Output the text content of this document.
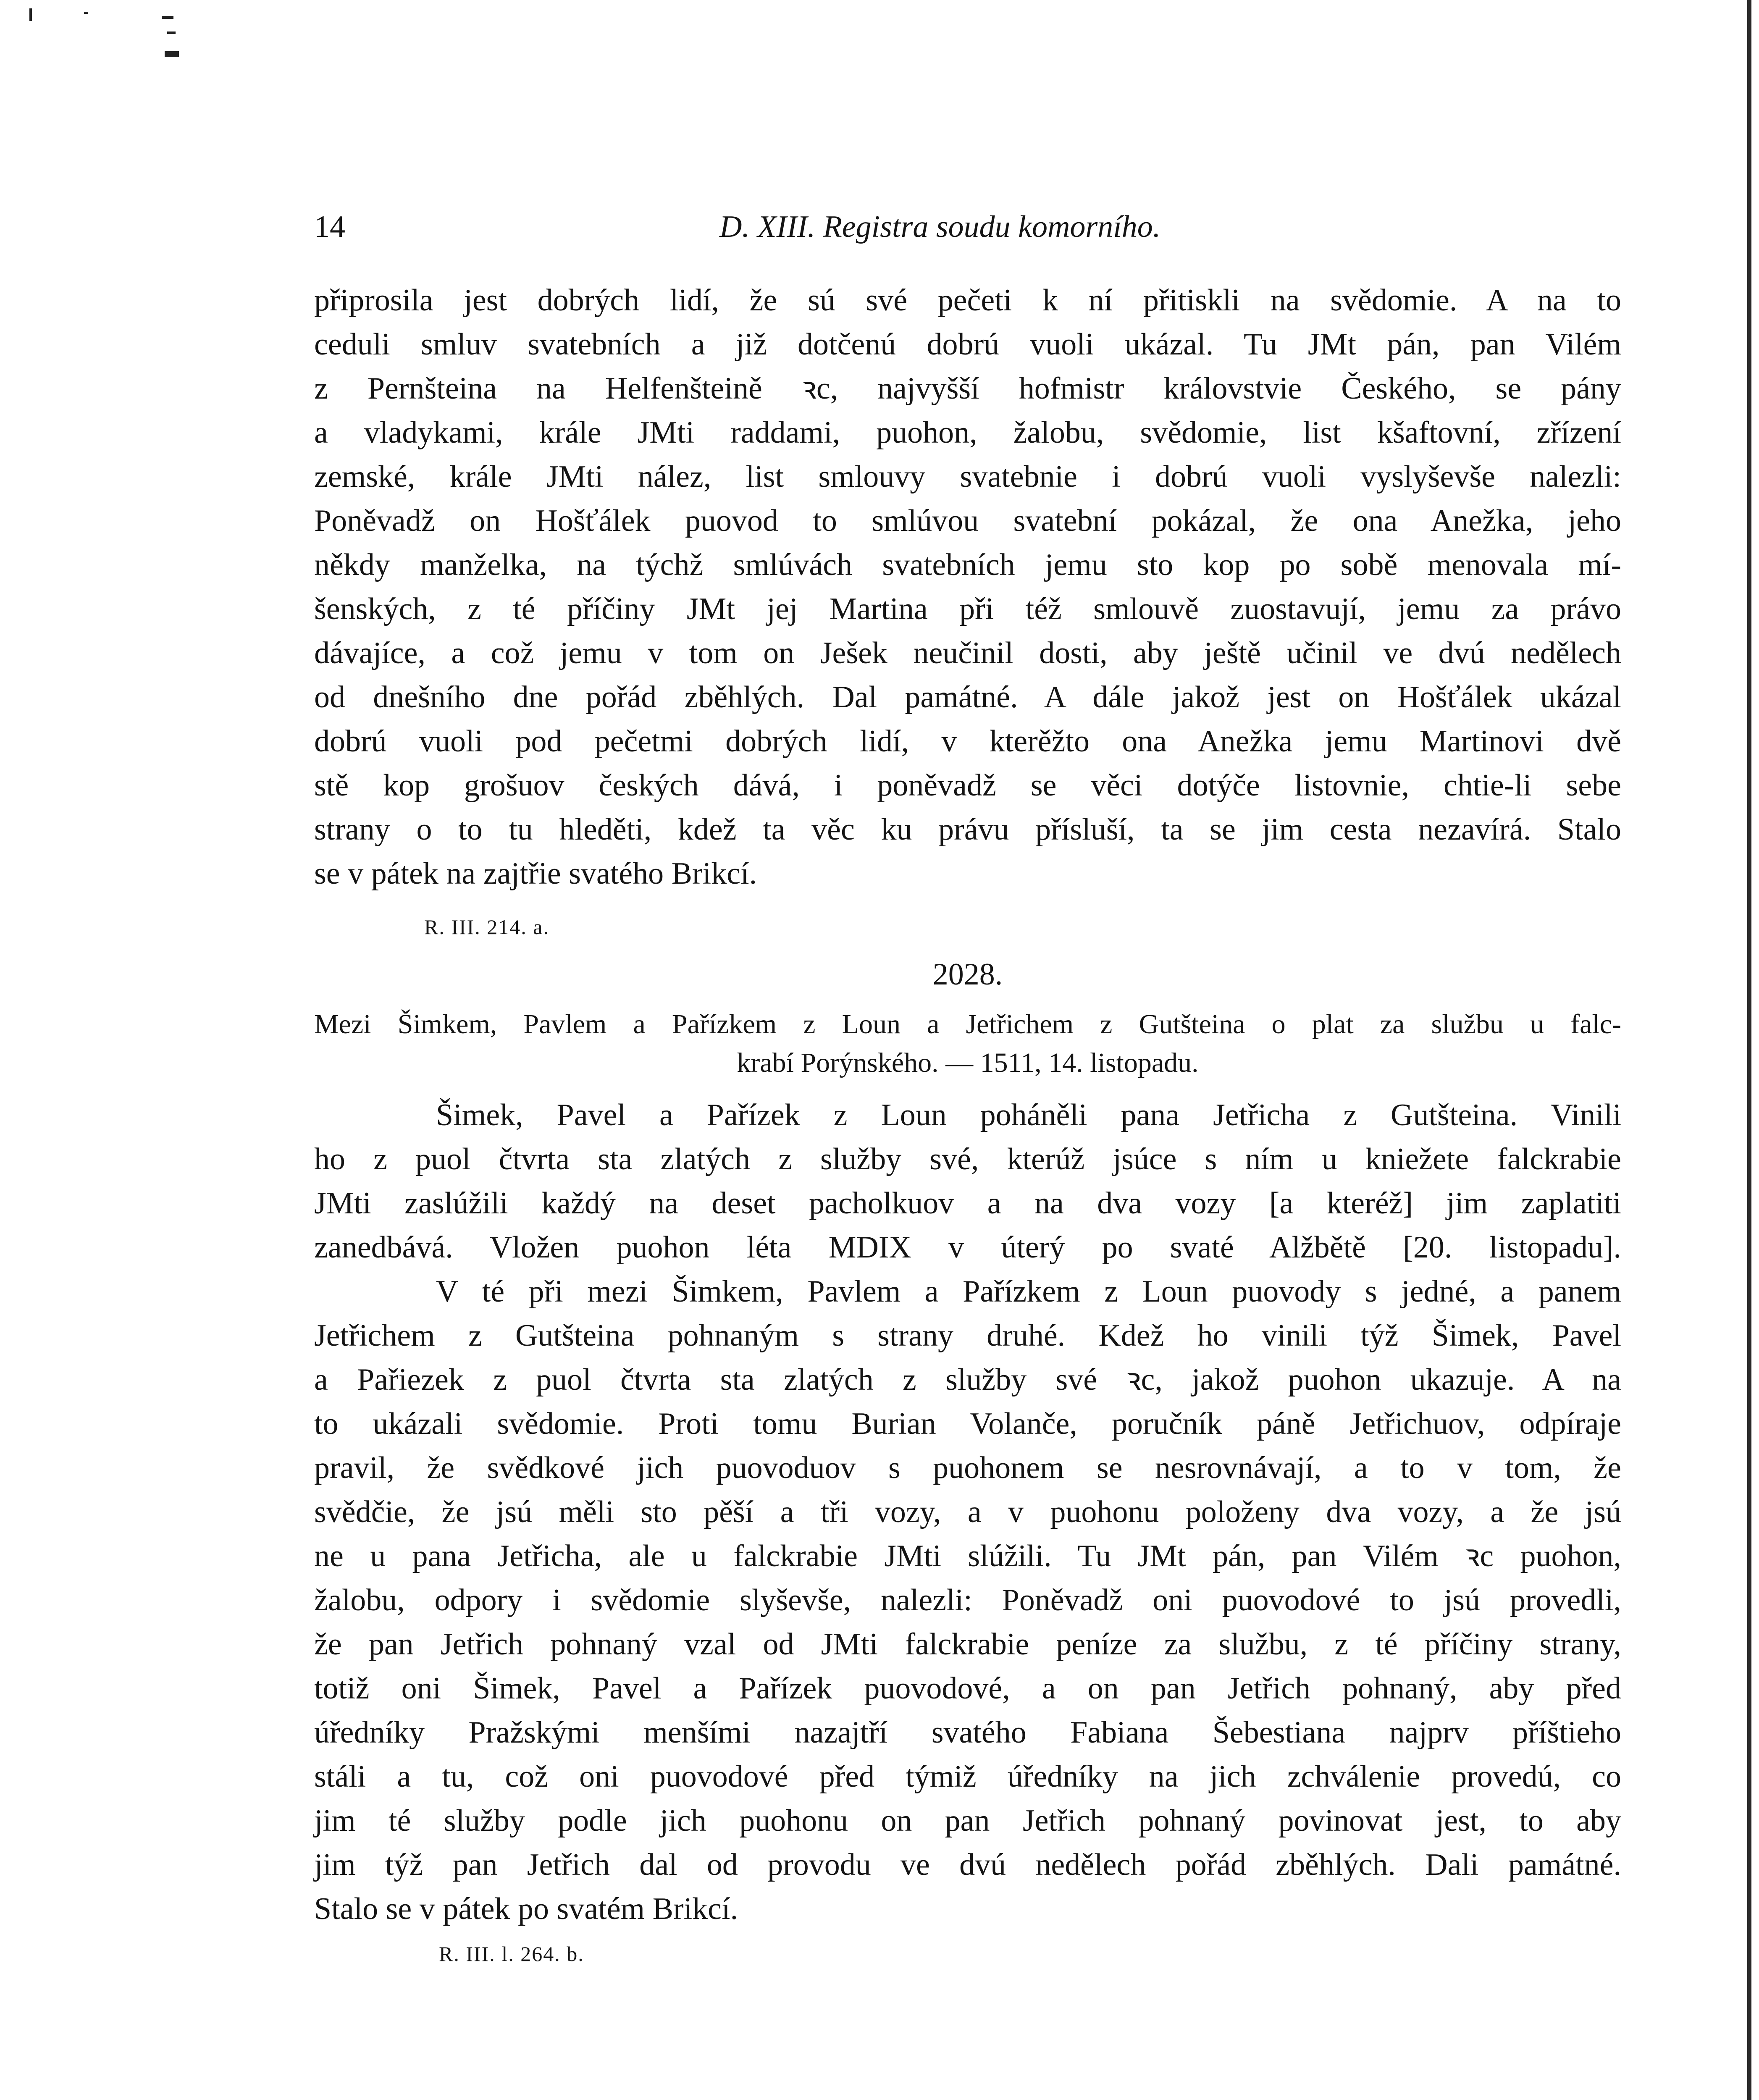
14	D. XIII. Registra soudu komorního.
připrosila jest dobrých lidí, že sú své pečeti k ní přitiskli na svědomie. A na to
ceduli smluv svatebních a již dotčenú dobrú vuoli ukázal. Tu JMt pán, pan Vilém
z Pernšteina na Helfenšteině ꝛc, najvyšší hofmistr královstvie Českého, se pány
a vladykami, krále JMti raddami, puohon, žalobu, svědomie, list kšaftovní, zřízení
zemské, krále JMti nález, list smlouvy svatebnie i dobrú vuoli vyslyševše nalezli:
Poněvadž on Hošťálek puovod to smlúvou svatební pokázal, že ona Anežka, jeho
někdy manželka, na týchž smlúvách svatebních jemu sto kop po sobě menovala mí-
šenských, z té příčiny JMt jej Martina při též smlouvě zuostavují, jemu za právo
dávajíce, a což jemu v tom on Ješek neučinil dosti, aby ještě učinil ve dvú nedělech
od dnešního dne pořád zběhlých. Dal památné. A dále jakož jest on Hošťálek ukázal
dobrú vuoli pod pečetmi dobrých lidí, v kterěžto ona Anežka jemu Martinovi dvě
stě kop grošuov českých dává, i poněvadž se věci dotýče listovnie, chtie-li sebe
strany o to tu hleděti, kdež ta věc ku právu přísluší, ta se jim cesta nezavírá. Stalo
se v pátek na zajtřie svatého Brikcí.
R. III. 214. a.
2028.
Mezi Šimkem, Pavlem a Pařízkem z Loun a Jetřichem z Gutšteina o plat za službu u falc-
krabí Porýnského. — 1511, 14. listopadu.
Šimek, Pavel a Pařízek z Loun poháněli pana Jetřicha z Gutšteina. Vinili
ho z puol čtvrta sta zlatých z služby své, kterúž jsúce s ním u kniežete falckrabie
JMti zaslúžili každý na deset pacholkuov a na dva vozy [a kteréž] jim zaplatiti
zanedbává. Vložen puohon léta MDIX v úterý po svaté Alžbětě [20. listopadu].
V té při mezi Šimkem, Pavlem a Pařízkem z Loun puovody s jedné, a panem
Jetřichem z Gutšteina pohnaným s strany druhé. Kdež ho vinili týž Šimek, Pavel
a Pařiezek z puol čtvrta sta zlatých z služby své ꝛc, jakož puohon ukazuje. A na
to ukázali svědomie. Proti tomu Burian Volanče, poručník páně Jetřichuov, odpíraje
pravil, že svědkové jich puovoduov s puohonem se nesrovnávají, a to v tom, že
svědčie, že jsú měli sto pěší a tři vozy, a v puohonu položeny dva vozy, a že jsú
ne u pana Jetřicha, ale u falckrabie JMti slúžili. Tu JMt pán, pan Vilém ꝛc puohon,
žalobu, odpory i svědomie slyševše, nalezli: Poněvadž oni puovodové to jsú provedli,
že pan Jetřich pohnaný vzal od JMti falckrabie peníze za službu, z té příčiny strany,
totiž oni Šimek, Pavel a Pařízek puovodové, a on pan Jetřich pohnaný, aby před
úředníky Pražskými menšími nazajtří svatého Fabiana Šebestiana najprv příštieho
stáli a tu, což oni puovodové před týmiž úředníky na jich zchválenie provedú, co
jim té služby podle jich puohonu on pan Jetřich pohnaný povinovat jest, to aby
jim týž pan Jetřich dal od provodu ve dvú nedělech pořád zběhlých. Dali památné.
Stalo se v pátek po svatém Brikcí.
R. III. l. 264. b.
